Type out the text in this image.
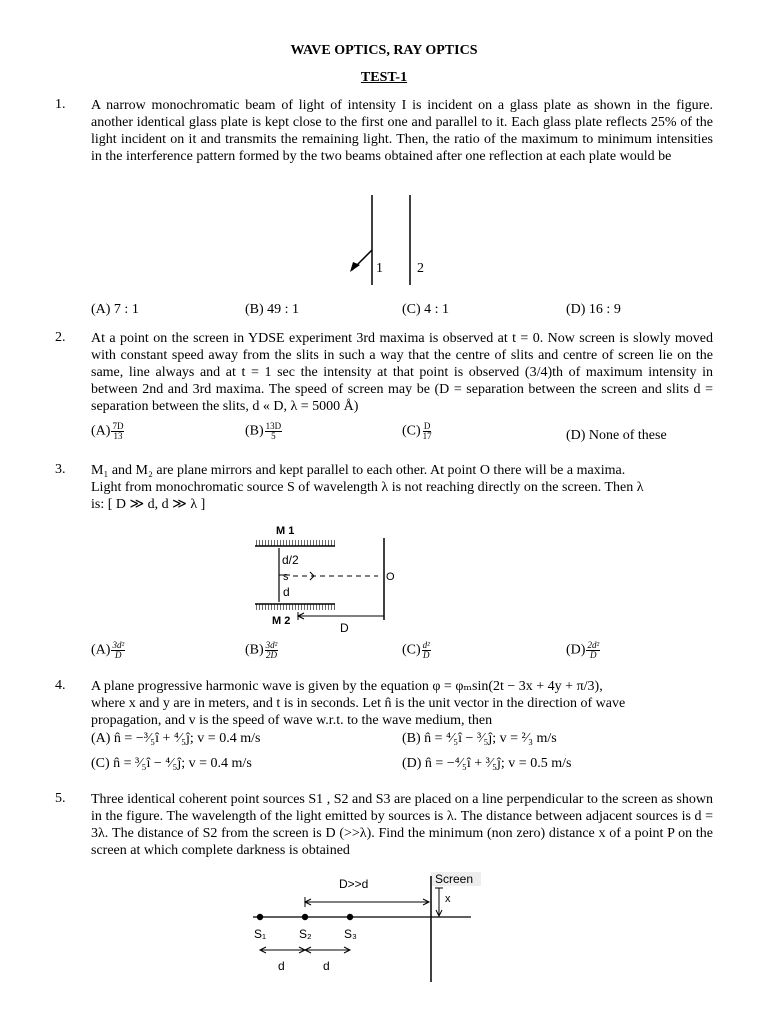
WAVE OPTICS, RAY OPTICS
TEST-1
1. A narrow monochromatic beam of light of intensity I is incident on a glass plate as shown in the figure. another identical glass plate is kept close to the first one and parallel to it. Each glass plate reflects 25% of the light incident on it and transmits the remaining light. Then, the ratio of the maximum to minimum intensities in the interference pattern formed by the two beams obtained after one reflection at each plate would be
1 2
(A) 7 : 1	(B) 49 : 1	(C) 4 : 1	(D) 16 : 9
2. At a point on the screen in YDSE experiment 3rd maxima is observed at t = 0. Now screen is slowly moved with constant speed away from the slits in such a way that the centre of slits and centre of screen lie on the same, line always and at t = 1 sec the intensity at that point is observed (3/4)th of maximum intensity in between 2nd and 3rd maxima. The speed of screen may be (D = separation between the screen and slits d = separation between the slits, d « D, λ = 5000 Å)
$(A) \frac{7D}{13}$	$(B) \frac{13D}{5}$	$(C) \frac{D}{17}$	(D) None of these
3. M₁ and M₂ are plane mirrors and kept parallel to each other. At point O there will be a maxima.
Light from monochromatic source S of wavelength λ is not reaching directly on the screen. Then λ
is: [ D ≫ d, d ≫ λ ]
M 1
M 2
d/2
s
d
O
D
$(A) \frac{\text{3d²}}{D}$	$(B) \frac{\text{3d²}}{2D}$	$(C) \frac{\text{d²}}{D}$	$(D) \frac{\text{2d²}}{D}$
4. A plane progressive harmonic wave is given by the equation φ = φₘsin(2t − 3x + 4y + π/3),
where x and y are in meters, and t is in seconds. Let n̂ is the unit vector in the direction of wave
propagation, and v is the speed of wave w.r.t. to the wave medium, then
(A) n̂ = −³⁄₅î + ⁴⁄₅ĵ; v = 0.4 m/s	(B) n̂ = ⁴⁄₅î − ³⁄₅ĵ; v = ²⁄₃ m/s
(C) n̂ = ³⁄₅î − ⁴⁄₅ĵ; v = 0.4 m/s	(D) n̂ = −⁴⁄₅î + ³⁄₅ĵ; v = 0.5 m/s
5. Three identical coherent point sources S1 , S2 and S3 are placed on a line perpendicular to the screen as shown in the figure. The wavelength of the light emitted by sources is λ. The distance between adjacent sources is d = 3λ. The distance of S2 from the screen is D (>>λ). Find the minimum (non zero) distance x of a point P on the screen at which complete darkness is obtained
Screen
D>>d
x
S₁	S₂	S₃
d	d
